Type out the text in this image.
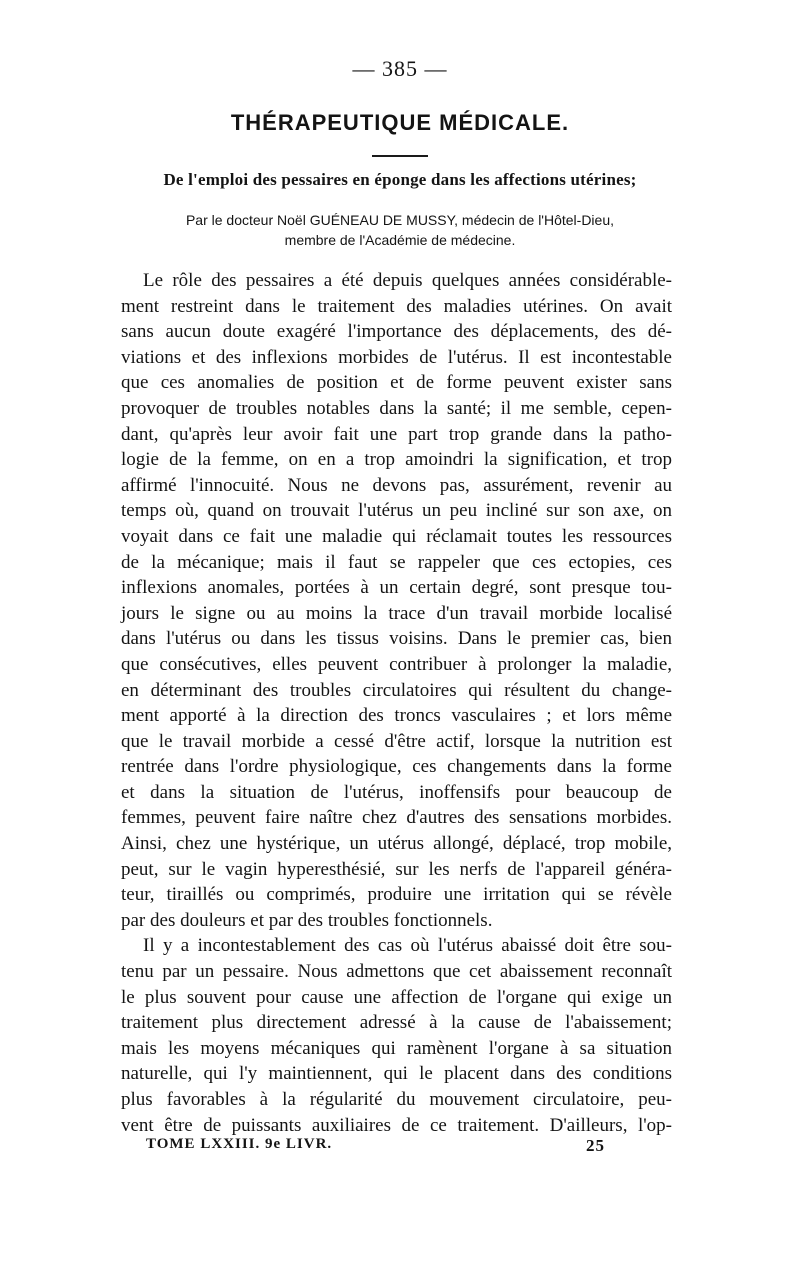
— 385 —
THÉRAPEUTIQUE MÉDICALE.
De l'emploi des pessaires en éponge dans les affections utérines;
Par le docteur Noël GUÉNEAU DE MUSSY, médecin de l'Hôtel-Dieu,
membre de l'Académie de médecine.
Le rôle des pessaires a été depuis quelques années considérable-
ment restreint dans le traitement des maladies utérines. On avait
sans aucun doute exagéré l'importance des déplacements, des dé-
viations et des inflexions morbides de l'utérus. Il est incontestable
que ces anomalies de position et de forme peuvent exister sans
provoquer de troubles notables dans la santé; il me semble, cepen-
dant, qu'après leur avoir fait une part trop grande dans la patho-
logie de la femme, on en a trop amoindri la signification, et trop
affirmé l'innocuité. Nous ne devons pas, assurément, revenir au
temps où, quand on trouvait l'utérus un peu incliné sur son axe, on
voyait dans ce fait une maladie qui réclamait toutes les ressources
de la mécanique; mais il faut se rappeler que ces ectopies, ces
inflexions anomales, portées à un certain degré, sont presque tou-
jours le signe ou au moins la trace d'un travail morbide localisé
dans l'utérus ou dans les tissus voisins. Dans le premier cas, bien
que consécutives, elles peuvent contribuer à prolonger la maladie,
en déterminant des troubles circulatoires qui résultent du change-
ment apporté à la direction des troncs vasculaires ; et lors même
que le travail morbide a cessé d'être actif, lorsque la nutrition est
rentrée dans l'ordre physiologique, ces changements dans la forme
et dans la situation de l'utérus, inoffensifs pour beaucoup de
femmes, peuvent faire naître chez d'autres des sensations morbides.
Ainsi, chez une hystérique, un utérus allongé, déplacé, trop mobile,
peut, sur le vagin hyperesthésié, sur les nerfs de l'appareil généra-
teur, tiraillés ou comprimés, produire une irritation qui se révèle
par des douleurs et par des troubles fonctionnels.
Il y a incontestablement des cas où l'utérus abaissé doit être sou-
tenu par un pessaire. Nous admettons que cet abaissement reconnaît
le plus souvent pour cause une affection de l'organe qui exige un
traitement plus directement adressé à la cause de l'abaissement;
mais les moyens mécaniques qui ramènent l'organe à sa situation
naturelle, qui l'y maintiennent, qui le placent dans des conditions
plus favorables à la régularité du mouvement circulatoire, peu-
vent être de puissants auxiliaires de ce traitement. D'ailleurs, l'op-
TOME LXXIII. 9e LIVR.	25
